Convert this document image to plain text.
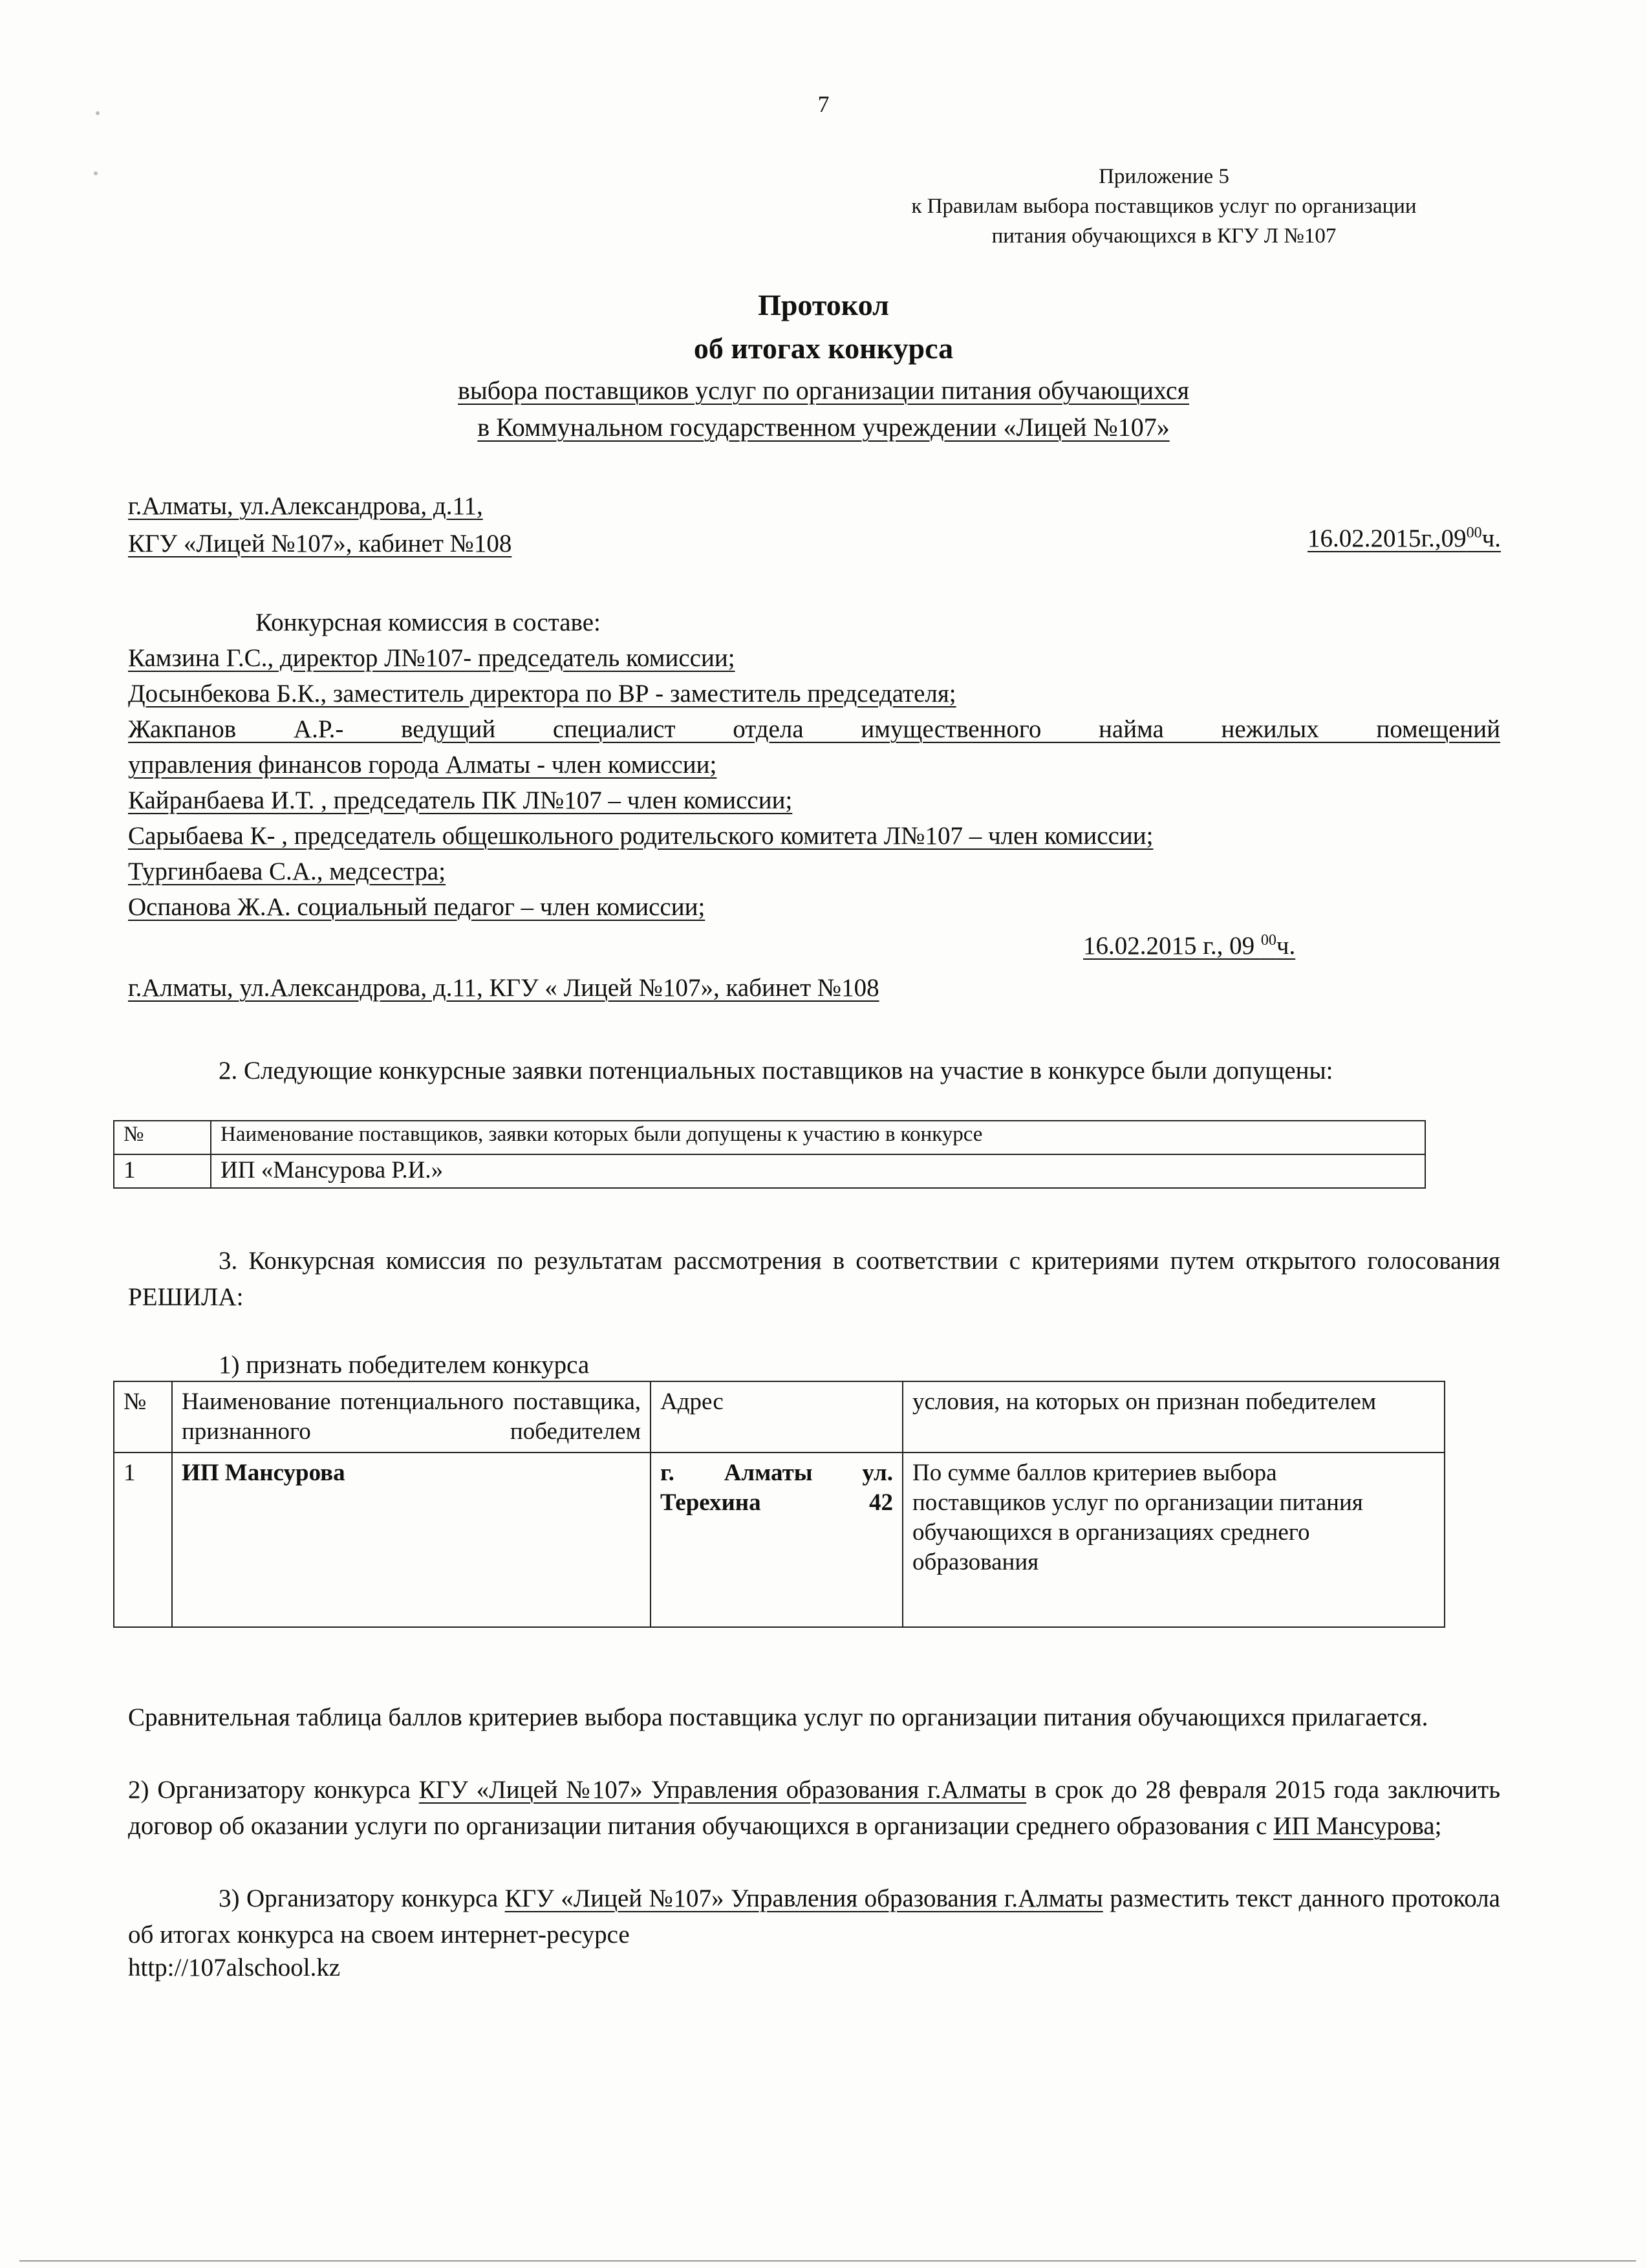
7
Приложение 5
к Правилам выбора поставщиков услуг по организации
питания обучающихся в КГУ Л №107
Протокол
об итогах конкурса
выбора поставщиков услуг по организации питания обучающихся
в Коммунальном государственном учреждении «Лицей №107»
г.Алматы, ул.Александрова, д.11,
КГУ «Лицей №107», кабинет №108	16.02.2015г.,09$^{00}$ч.
Конкурсная комиссия в составе:
Камзина Г.С., директор Л№107- председатель комиссии;
Досынбекова Б.К., заместитель директора по ВР - заместитель председателя;
Жакпанов А.Р.- ведущий специалист отдела имущественного найма нежилых помещений
управления финансов города Алматы - член комиссии;
Кайранбаева И.Т. , председатель ПК Л№107 – член комиссии;
Сарыбаева К- , председатель общешкольного родительского комитета Л№107 – член комиссии;
Тургинбаева С.А., медсестра;
Оспанова Ж.А. социальный педагог – член комиссии;
16.02.2015 г., 09 $^{00}$ч.
г.Алматы, ул.Александрова, д.11, КГУ « Лицей №107», кабинет №108
2. Следующие конкурсные заявки потенциальных поставщиков на участие в конкурсе были допущены:
№	Наименование поставщиков, заявки которых были допущены к участию в конкурсе
1	ИП «Мансурова Р.И.»
3. Конкурсная комиссия по результатам рассмотрения в соответствии с критериями путем открытого голосования РЕШИЛА:
1) признать победителем конкурса
№	Наименование потенциального поставщика, признанного победителем	Адрес	условия, на которых он признан победителем
1	ИП Мансурова	г. Алматы ул. Терехина 42	По сумме баллов критериев выбора поставщиков услуг по организации питания обучающихся в организациях среднего образования
Сравнительная таблица баллов критериев выбора поставщика услуг по организации питания обучающихся прилагается.
2) Организатору конкурса КГУ «Лицей №107» Управления образования г.Алматы в срок до 28 февраля 2015 года заключить договор об оказании услуги по организации питания обучающихся в организации среднего образования с ИП Мансурова;
3) Организатору конкурса КГУ «Лицей №107» Управления образования г.Алматы разместить текст данного протокола об итогах конкурса на своем интернет-ресурсе
http://107alschool.kz
